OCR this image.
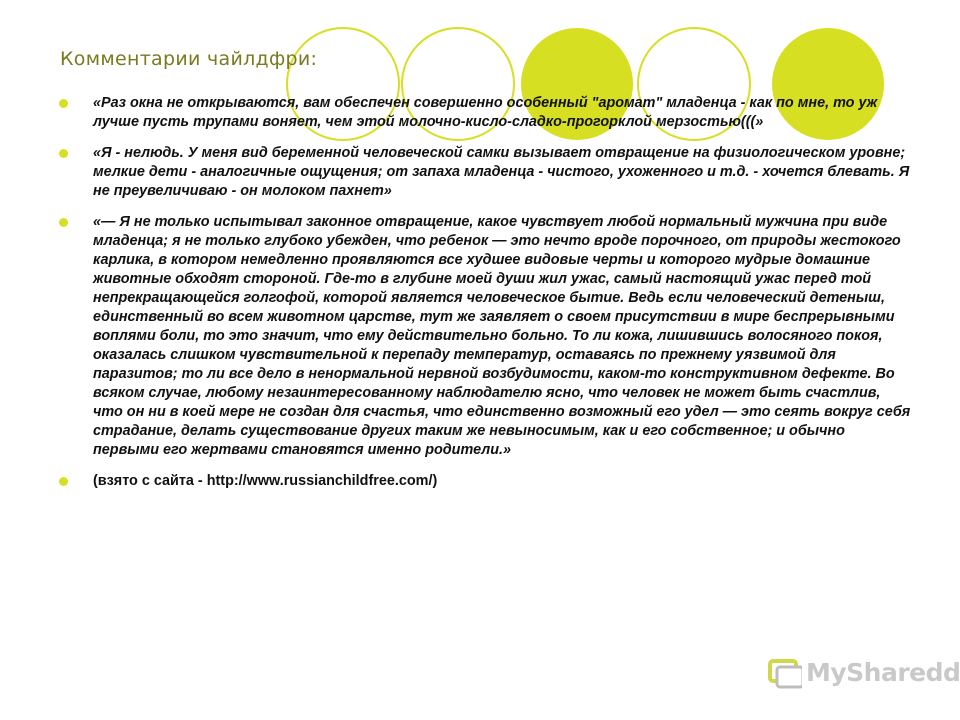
Комментарии чайлдфри:
«Раз окна не открываются, вам обеспечен совершенно особенный "аромат" младенца - как по мне, то уж лучше пусть трупами воняет, чем этой молочно-кисло-сладко-прогорклой мерзостью(((»
«Я - нелюдь. У меня вид беременной человеческой самки вызывает отвращение на физиологическом уровне; мелкие дети - аналогичные ощущения; от запаха младенца - чистого, ухоженного и т.д. - хочется блевать. Я не преувеличиваю - он молоком пахнет»
«— Я не только испытывал законное отвращение, какое чувствует любой нормальный мужчина при виде младенца; я не только глубоко убежден, что ребенок — это нечто вроде порочного, от природы жестокого карлика, в котором немедленно проявляются все худшее видовые черты и которого мудрые домашние животные обходят стороной. Где-то в глубине моей души жил ужас, самый настоящий ужас перед той непрекращающейся голгофой, которой является человеческое бытие. Ведь если человеческий детеныш, единственный во всем животном царстве, тут же заявляет о своем присутствии в мире беспрерывными воплями боли, то это значит, что ему действительно больно. То ли кожа, лишившись волосяного покоя, оказалась слишком чувствительной к перепаду температур, оставаясь по прежнему уязвимой для паразитов; то ли все дело в ненормальной нервной возбудимости, каком-то конструктивном дефекте. Во всяком случае, любому незаинтересованному наблюдателю ясно, что человек не может быть счастлив, что он ни в коей мере не создан для счастья, что единственно возможный его удел — это сеять вокруг себя страдание, делать существование других таким же невыносимым, как и его собственное; и обычно первыми его жертвами становятся именно родители.»
(взято с сайта - http://www.russianchildfree.com/)
MySharedd
